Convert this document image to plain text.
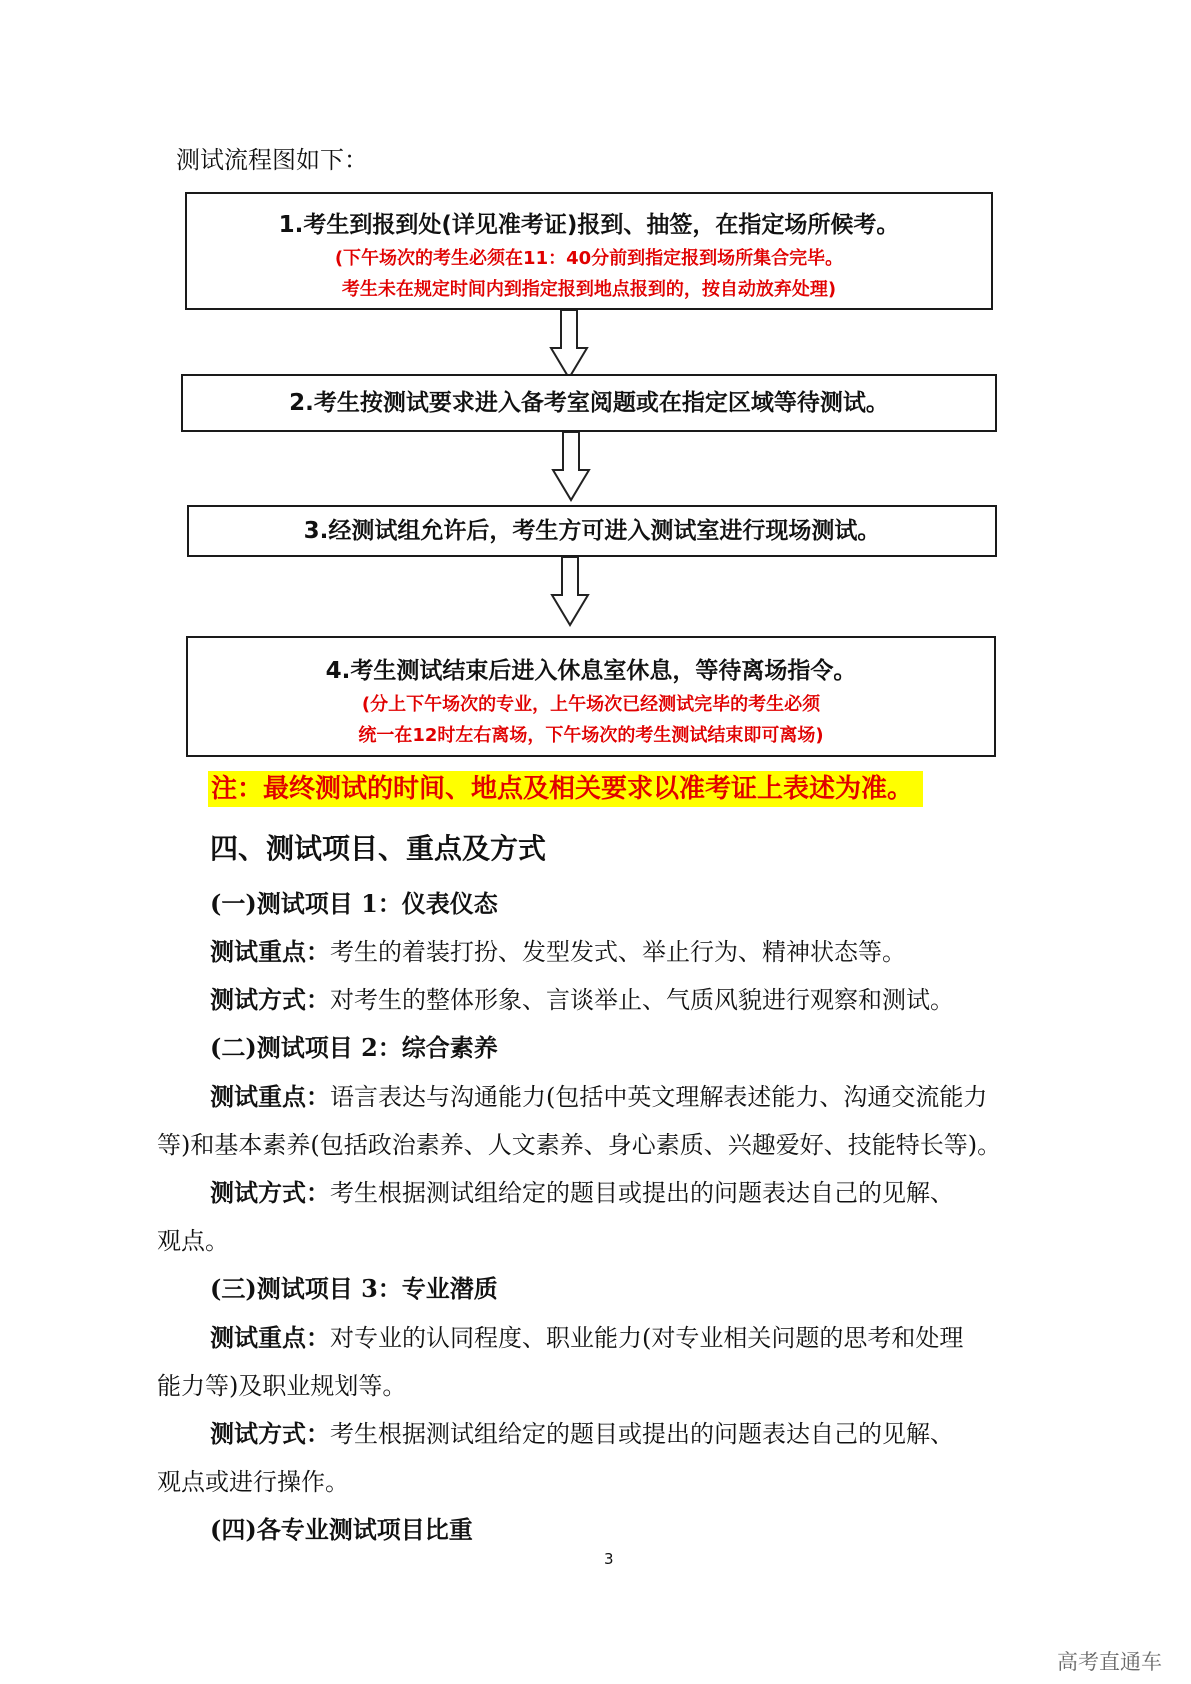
测试流程图如下：
1.考生到报到处(详见准考证)报到、抽签，在指定场所候考。
(下午场次的考生必须在11：40分前到指定报到场所集合完毕。
考生未在规定时间内到指定报到地点报到的，按自动放弃处理)
2.考生按测试要求进入备考室阅题或在指定区域等待测试。
3.经测试组允许后，考生方可进入测试室进行现场测试。
4.考生测试结束后进入休息室休息，等待离场指令。
(分上下午场次的专业，上午场次已经测试完毕的考生必须
统一在12时左右离场，下午场次的考生测试结束即可离场)
注：最终测试的时间、地点及相关要求以准考证上表述为准。
四、测试项目、重点及方式
(一)测试项目 1：仪表仪态
测试重点：考生的着装打扮、发型发式、举止行为、精神状态等。
测试方式：对考生的整体形象、言谈举止、气质风貌进行观察和测试。
(二)测试项目 2：综合素养
测试重点：语言表达与沟通能力(包括中英文理解表述能力、沟通交流能力
等)和基本素养(包括政治素养、人文素养、身心素质、兴趣爱好、技能特长等)。
测试方式：考生根据测试组给定的题目或提出的问题表达自己的见解、
观点。
(三)测试项目 3：专业潜质
测试重点：对专业的认同程度、职业能力(对专业相关问题的思考和处理
能力等)及职业规划等。
测试方式：考生根据测试组给定的题目或提出的问题表达自己的见解、
观点或进行操作。
(四)各专业测试项目比重
3
高考直通车
